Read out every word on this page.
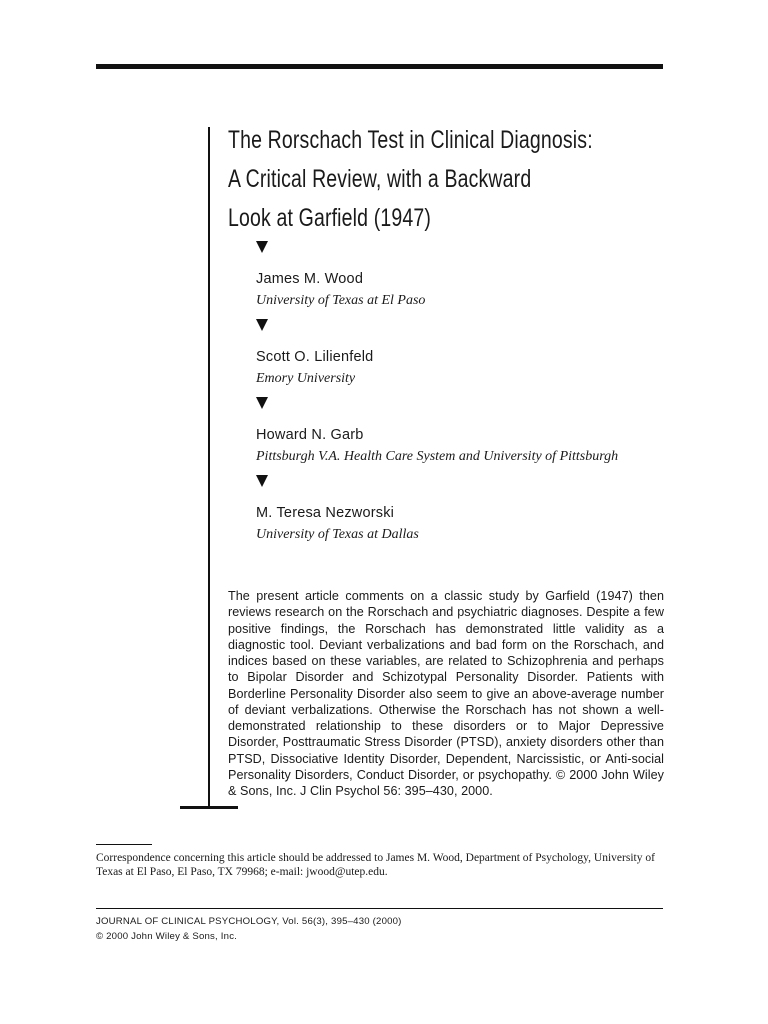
The Rorschach Test in Clinical Diagnosis:
A Critical Review, with a Backward
Look at Garfield (1947)
James M. Wood
University of Texas at El Paso
Scott O. Lilienfeld
Emory University
Howard N. Garb
Pittsburgh V.A. Health Care System and University of Pittsburgh
M. Teresa Nezworski
University of Texas at Dallas
The present article comments on a classic study by Garfield (1947) then reviews research on the Rorschach and psychiatric diagnoses. Despite a few positive findings, the Rorschach has demonstrated little validity as a diagnostic tool. Deviant verbalizations and bad form on the Rorschach, and indices based on these variables, are related to Schizophrenia and perhaps to Bipolar Disorder and Schizotypal Personality Disorder. Patients with Borderline Personality Disorder also seem to give an above-average number of deviant verbalizations. Otherwise the Rorschach has not shown a well-demonstrated relationship to these disorders or to Major Depressive Disorder, Posttraumatic Stress Disorder (PTSD), anxiety disorders other than PTSD, Dissociative Identity Disorder, Dependent, Narcissistic, or Anti-social Personality Disorders, Conduct Disorder, or psychopathy. © 2000 John Wiley & Sons, Inc. J Clin Psychol 56: 395–430, 2000.
Correspondence concerning this article should be addressed to James M. Wood, Department of Psychology, University of Texas at El Paso, El Paso, TX 79968; e-mail: jwood@utep.edu.
JOURNAL OF CLINICAL PSYCHOLOGY, Vol. 56(3), 395–430 (2000)
© 2000 John Wiley & Sons, Inc.
